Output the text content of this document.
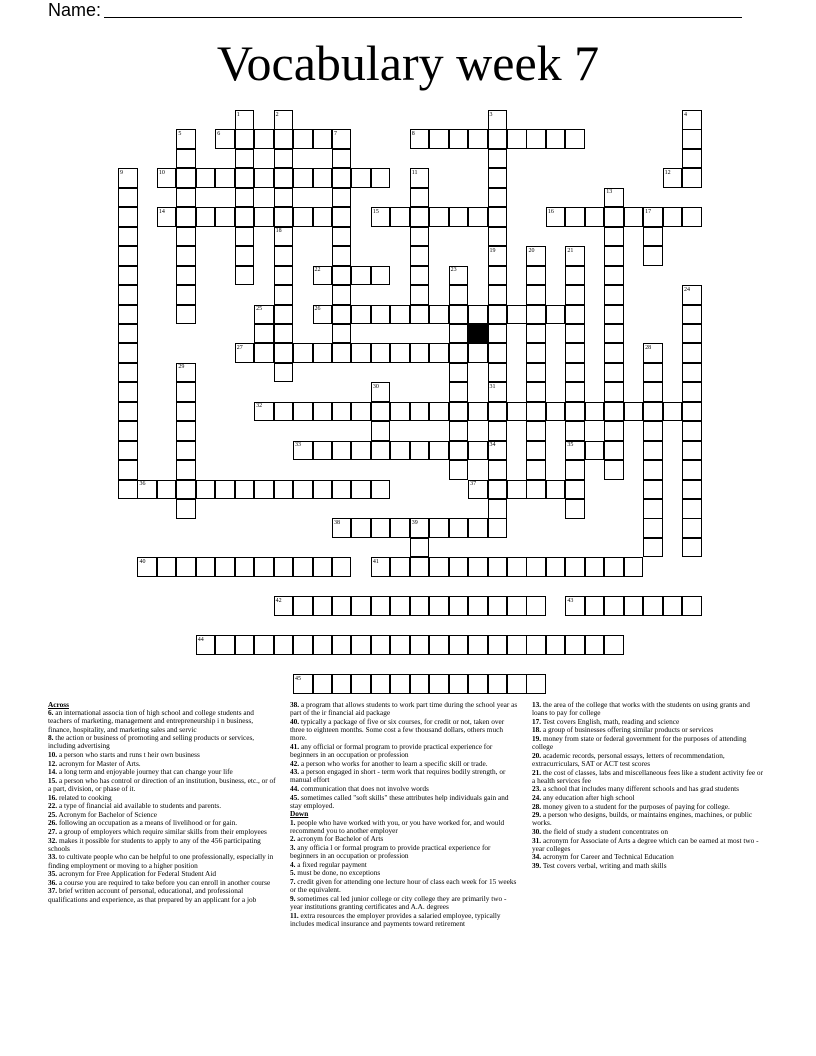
Name:
Vocabulary week 7
1	2	3	4
5	6	7	8
9	10	11	12
13
14	15	16	17
18
19	20	21
22	23
24
25	26
27	28
29
30	31
32
33	34	35
36	37
38	39
40	41
42	43
44
45
Across

6. an international associa tion of high school and college students and teachers of marketing, management and entrepreneurship i n business, finance, hospitality, and marketing sales and servic

8. the action or business of promoting and selling products or services, including advertising

10. a person who starts and runs t heir own business

12. acronym for Master of Arts.

14. a long term and enjoyable journey that can change your life

15. a person who has control or direction of an institution, business, etc., or of a part, division, or phase of it.

16. related to cooking

22. a type of financial aid available to students and parents.

25. Acronym for Bachelor of Science

26. following an occupation as a means of livelihood or for gain.

27. a group of employers which require similar skills from their employees

32. makes it possible for students to apply to any of the 456 participating schools

33. to cultivate people who can be helpful to one professionally, especially in finding employment or moving to a higher position

35. acronym for Free Application for Federal Student Aid

36. a course you are required to take before you can enroll in another course

37. brief written account of personal, educational, and professional qualifications and experience, as that prepared by an applicant for a job

38. a program that allows students to work part time during the school year as part of the ir financial aid package

40. typically a package of five or six courses, for credit or not, taken over three to eighteen months. Some cost a few thousand dollars, others much more.

41. any official or formal program to provide practical experience for beginners in an occupation or profession

42. a person who works for another to learn a specific skill or trade.

43. a person engaged in short - term work that requires bodily strength, or manual effort

44. communication that does not involve words

45. sometimes called "soft skills" these attributes help individuals gain and stay employed.

Down

1. people who have worked with you, or you have worked for, and would recommend you to another employer

2. acronym for Bachelor of Arts

3. any officia l or formal program to provide practical experience for beginners in an occupation or profession

4. a fixed regular payment

5. must be done, no exceptions

7. credit given for attending one lecture hour of class each week for 15 weeks or the equivalent.

9. sometimes cal led junior college or city college they are primarily two - year institutions granting certificates and A.A. degrees

11. extra resources the employer provides a salaried employee, typically includes medical insurance and payments toward retirement

13. the area of the college that works with the students on using grants and loans to pay for college

17. Test covers English, math, reading and science

18. a group of businesses offering similar products or services

19. money from state or federal government for the purposes of attending college

20. academic records, personal essays, letters of recommendation, extracurriculars, SAT or ACT test scores

21. the cost of classes, labs and miscellaneous fees like a student activity fee or a health services fee

23. a school that includes many different schools and has grad students

24. any education after high school

28. money given to a student for the purposes of paying for college.

29. a person who designs, builds, or maintains engines, machines, or public works.

30. the field of study a student concentrates on

31. acronym for Associate of Arts a degree which can be earned at most two - year colleges

34. acronym for Career and Technical Education

39. Test covers verbal, writing and math skills
